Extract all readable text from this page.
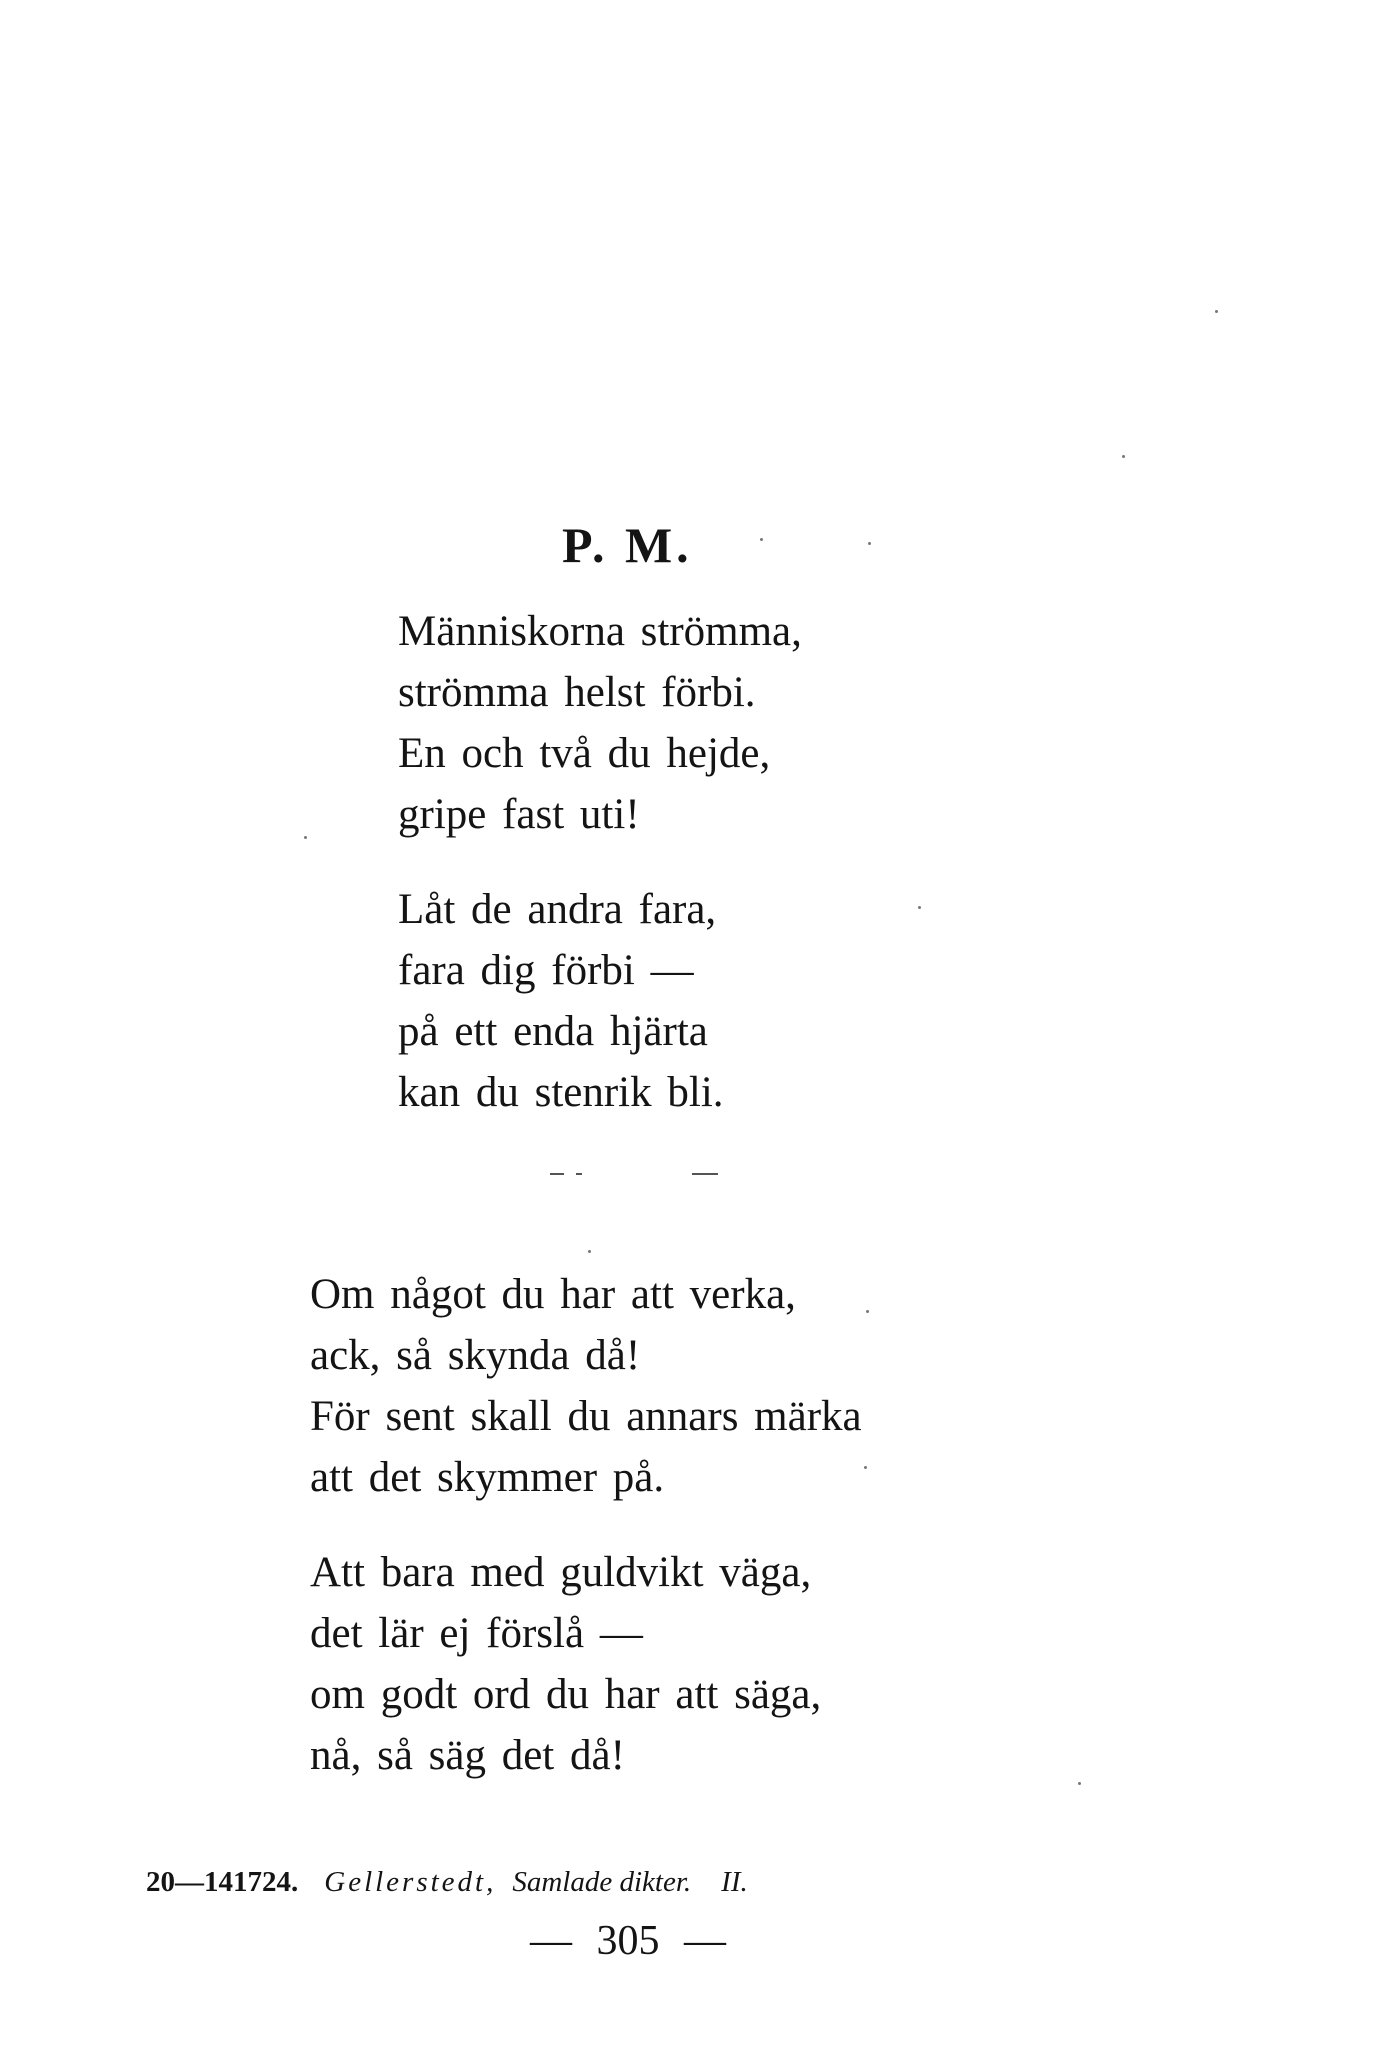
P. M.
Människorna strömma,
strömma helst förbi.
En och två du hejde,
gripe fast uti!
Låt de andra fara,
fara dig förbi —
på ett enda hjärta
kan du stenrik bli.
Om något du har att verka,
ack, så skynda då!
För sent skall du annars märka
att det skymmer på.
Att bara med guldvikt väga,
det lär ej förslå —
om godt ord du har att säga,
nå, så säg det då!
20—141724. Gellerstedt, Samlade dikter. II.
— 305 —
